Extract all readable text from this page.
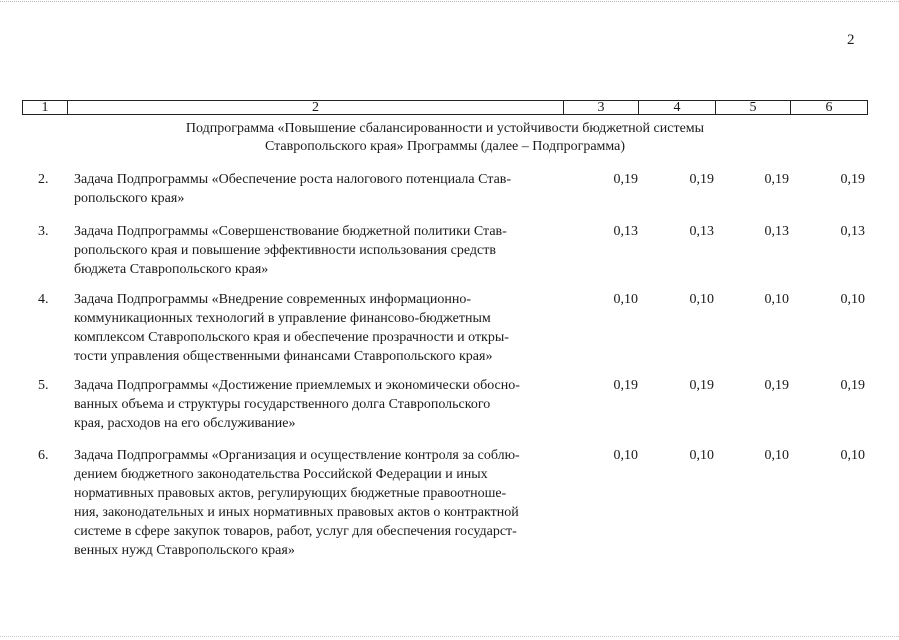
2
1	2	3	4	5	6
Подпрограмма «Повышение сбалансированности и устойчивости бюджетной системы
Ставропольского края» Программы (далее – Подпрограмма)
2. Задача Подпрограммы «Обеспечение роста налогового потенциала Став-
ропольского края»
0,19	0,19	0,19	0,19
3. Задача Подпрограммы «Совершенствование бюджетной политики Став-
ропольского края и повышение эффективности использования средств
бюджета Ставропольского края»
0,13	0,13	0,13	0,13
4. Задача Подпрограммы «Внедрение современных информационно-
коммуникационных технологий в управление финансово-бюджетным
комплексом Ставропольского края и обеспечение прозрачности и откры-
тости управления общественными финансами Ставропольского края»
0,10	0,10	0,10	0,10
5. Задача Подпрограммы «Достижение приемлемых и экономически обосно-
ванных объема и структуры государственного долга Ставропольского
края, расходов на его обслуживание»
0,19	0,19	0,19	0,19
6. Задача Подпрограммы «Организация и осуществление контроля за соблю-
дением бюджетного законодательства Российской Федерации и иных
нормативных правовых актов, регулирующих бюджетные правоотноше-
ния, законодательных и иных нормативных правовых актов о контрактной
системе в сфере закупок товаров, работ, услуг для обеспечения государст-
венных нужд Ставропольского края»
0,10	0,10	0,10	0,10
